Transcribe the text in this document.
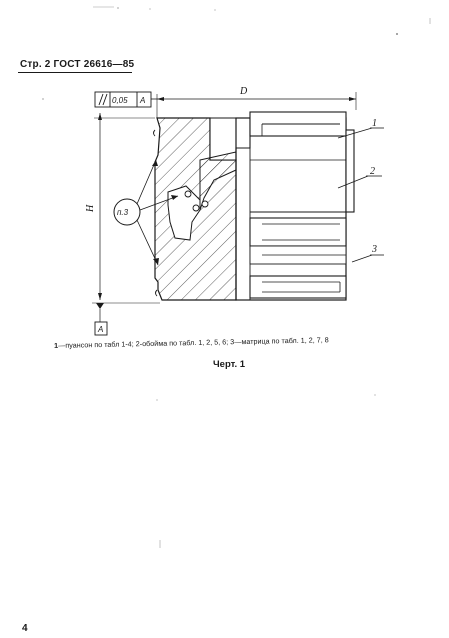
Стр. 2 ГОСТ 26616—85
0,05 A
D
H
A
1
2
3
п.3
1—пуансон по табл 1-4; 2-обойма по табл. 1, 2, 5, 6; 3—матрица по табл. 1, 2, 7, 8
Черт. 1
4
